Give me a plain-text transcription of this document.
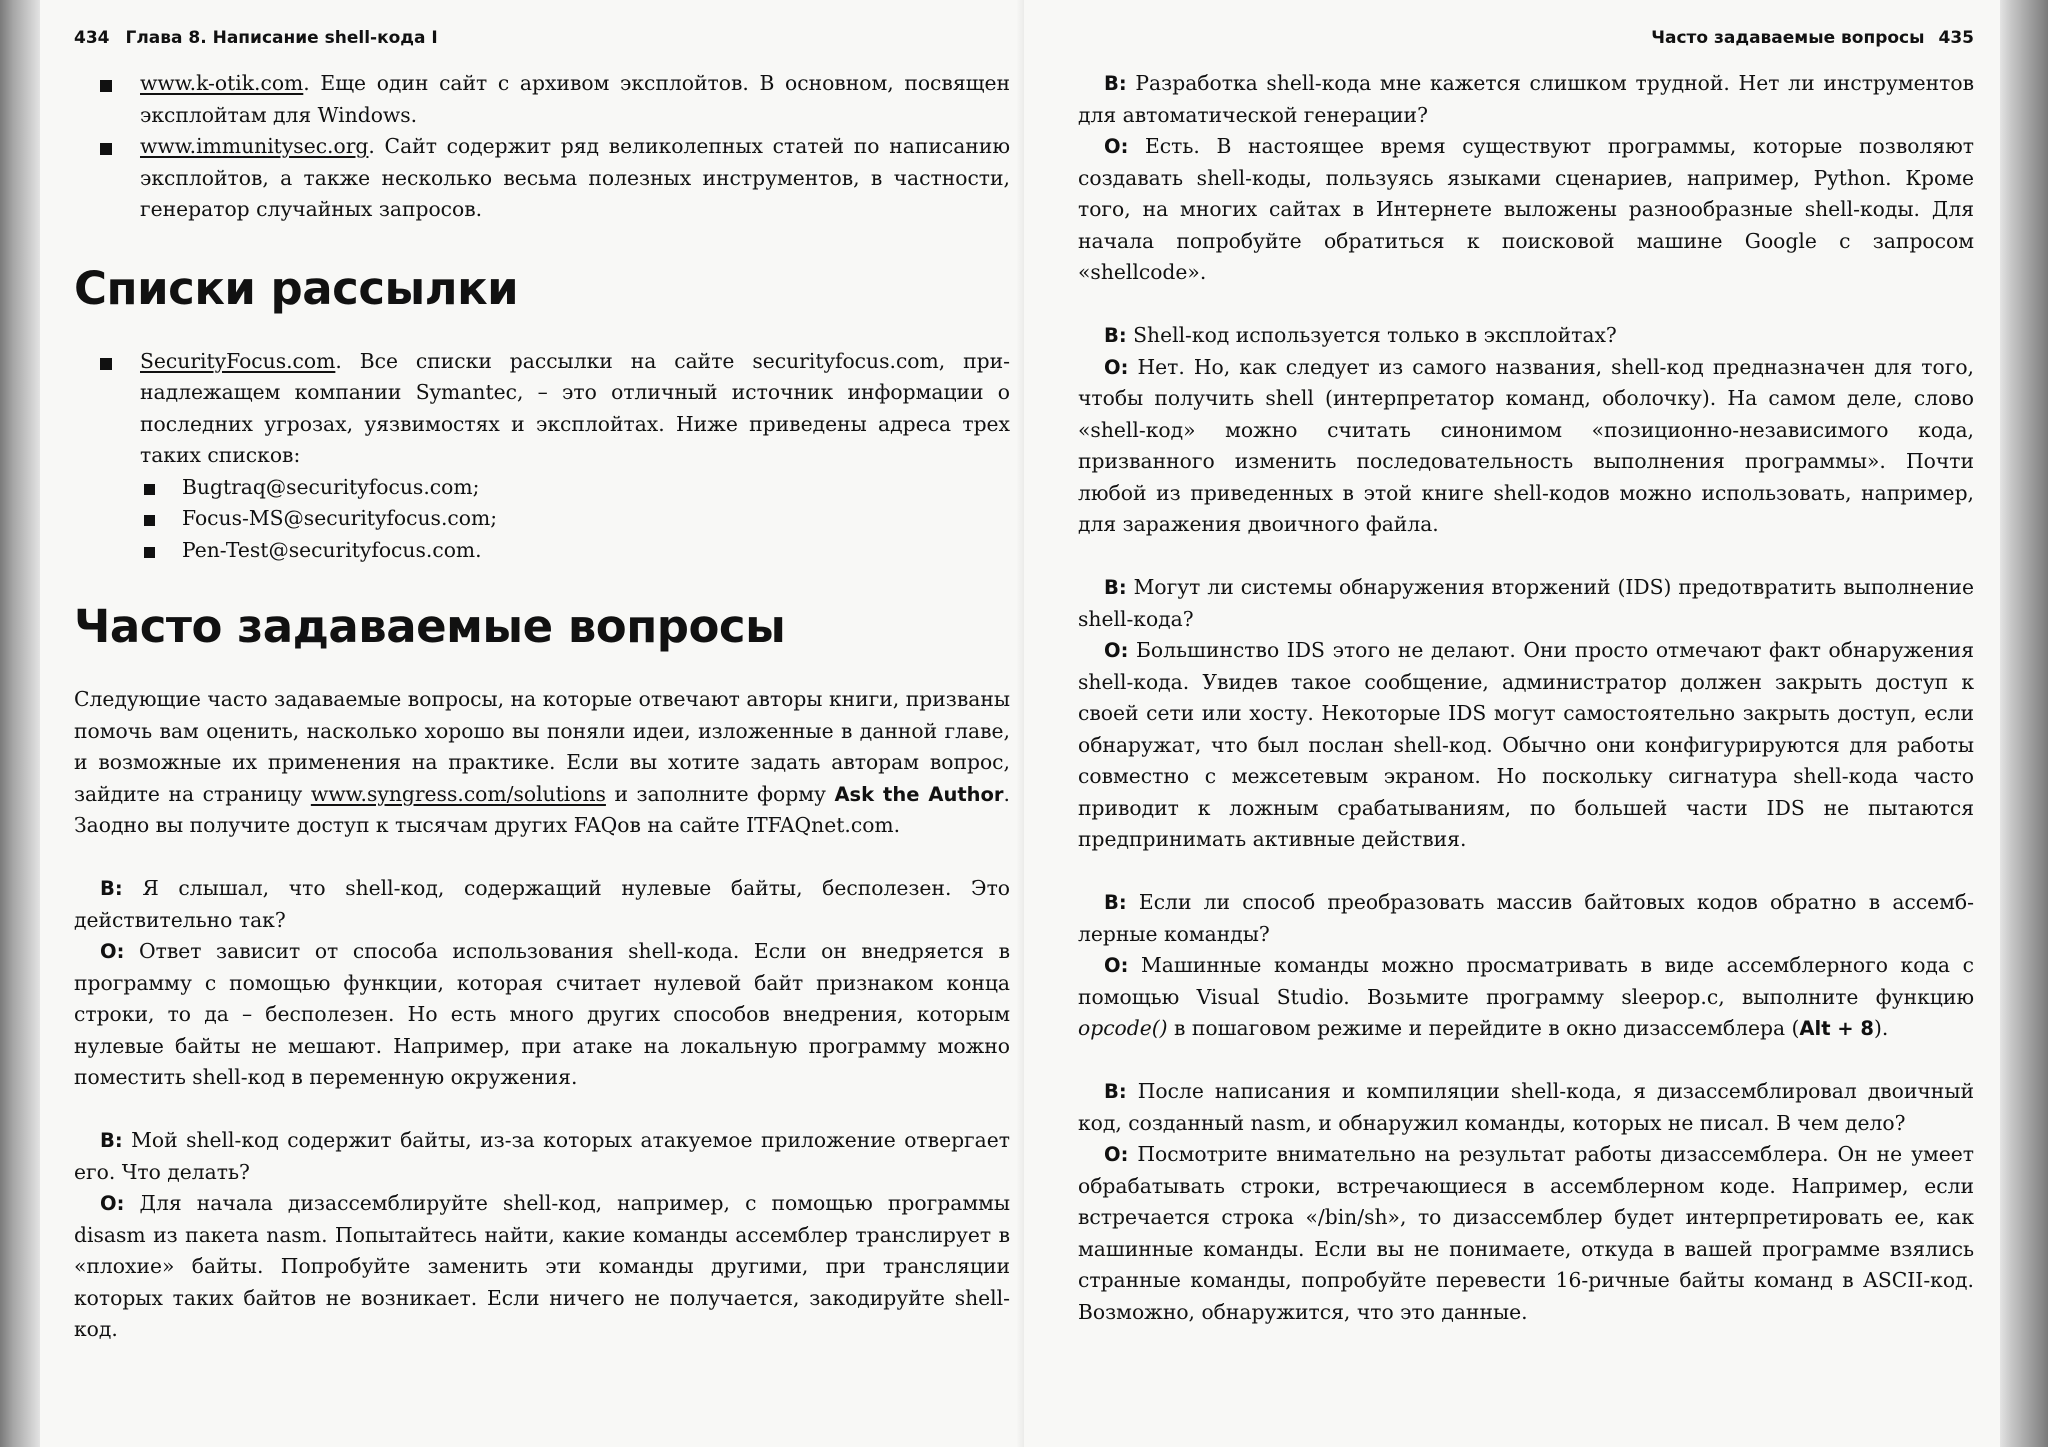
434 Глава 8. Написание shell-кода I
www.k-otik.com. Еще один сайт с архивом эксплойтов. В основном, посвящен эксплойтам для Windows.
www.immunitysec.org. Сайт содержит ряд великолепных статей по написанию эксплойтов, а также несколько весьма полезных инструментов, в частности, генератор случайных запросов.
Списки рассылки
SecurityFocus.com. Все списки рассылки на сайте securityfocus.com, принадлежащем компании Symantec, – это отличный источник информации о последних угрозах, уязвимостях и эксплойтах. Ниже приведены адреса трех таких списков:
Bugtraq@securityfocus.com;
Focus-MS@securityfocus.com;
Pen-Test@securityfocus.com.
Часто задаваемые вопросы

Следующие часто задаваемые вопросы, на которые отвечают авторы книги, призваны помочь вам оценить, насколько хорошо вы поняли идеи, изложенные в данной главе, и возможные их применения на практике. Если вы хотите задать авторам вопрос, зайдите на страницу www.syngress.com/solutions и заполните форму Ask the Author. Заодно вы получите доступ к тысячам других FAQов на сайте ITFAQnet.com.

В: Я слышал, что shell-код, содержащий нулевые байты, бесполезен. Это действительно так?

О: Ответ зависит от способа использования shell-кода. Если он внедряется в программу с помощью функции, которая считает нулевой байт признаком конца строки, то да – бесполезен. Но есть много других способов внедрения, которым нулевые байты не мешают. Например, при атаке на локальную программу можно поместить shell-код в переменную окружения.

В: Мой shell-код содержит байты, из-за которых атакуемое приложение отвергает его. Что делать?

О: Для начала дизассемблируйте shell-код, например, с помощью программы disasm из пакета nasm. Попытайтесь найти, какие команды ассемблер транслирует в «плохие» байты. Попробуйте заменить эти команды другими, при трансляции которых таких байтов не возникает. Если ничего не получается, закодируйте shell-код.

Часто задаваемые вопросы 435

В: Разработка shell-кода мне кажется слишком трудной. Нет ли инструментов для автоматической генерации?

О: Есть. В настоящее время существуют программы, которые позволяют создавать shell-коды, пользуясь языками сценариев, например, Python. Кроме того, на многих сайтах в Интернете выложены разнообразные shell-коды. Для начала попробуйте обратиться к поисковой машине Google с запросом «shellcode».

В: Shell-код используется только в эксплойтах?

О: Нет. Но, как следует из самого названия, shell-код предназначен для того, чтобы получить shell (интерпретатор команд, оболочку). На самом деле, слово «shell-код» можно считать синонимом «позиционно-независимого кода, призванного изменить последовательность выполнения программы». Почти любой из приведенных в этой книге shell-кодов можно использовать, например, для заражения двоичного файла.

В: Могут ли системы обнаружения вторжений (IDS) предотвратить выполнение shell-кода?

О: Большинство IDS этого не делают. Они просто отмечают факт обнаружения shell-кода. Увидев такое сообщение, администратор должен закрыть доступ к своей сети или хосту. Некоторые IDS могут самостоятельно закрыть доступ, если обнаружат, что был послан shell-код. Обычно они конфигурируются для работы совместно с межсетевым экраном. Но поскольку сигнатура shell-кода часто приводит к ложным срабатываниям, по большей части IDS не пытаются предпринимать активные действия.

В: Если ли способ преобразовать массив байтовых кодов обратно в ассемблерные команды?

О: Машинные команды можно просматривать в виде ассемблерного кода с помощью Visual Studio. Возьмите программу sleepop.c, выполните функцию opcode() в пошаговом режиме и перейдите в окно дизассемблера (Alt + 8).

В: После написания и компиляции shell-кода, я дизассемблировал двоичный код, созданный nasm, и обнаружил команды, которых не писал. В чем дело?

О: Посмотрите внимательно на результат работы дизассемблера. Он не умеет обрабатывать строки, встречающиеся в ассемблерном коде. Например, если встречается строка «/bin/sh», то дизассемблер будет интерпретировать ее, как машинные команды. Если вы не понимаете, откуда в вашей программе взялись странные команды, попробуйте перевести 16-ричные байты команд в ASCII-код. Возможно, обнаружится, что это данные.
